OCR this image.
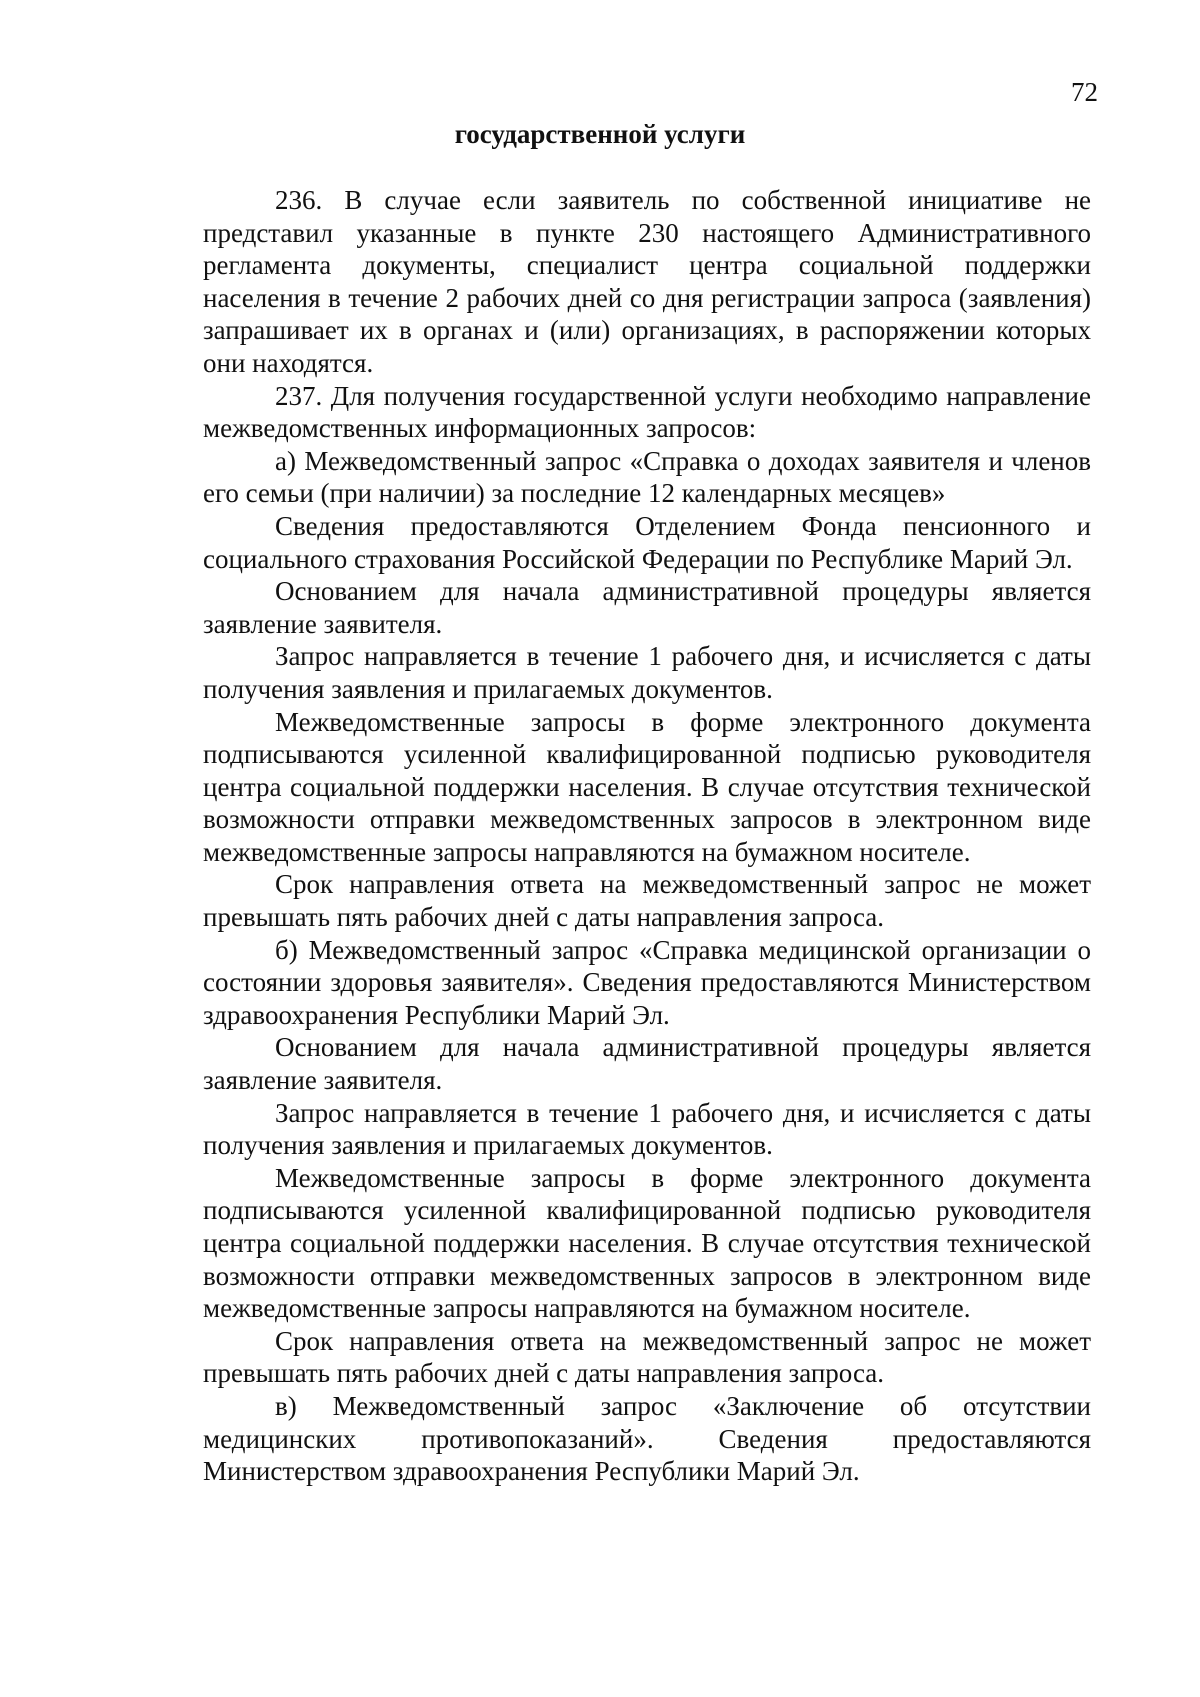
72
государственной услуги

236. В случае если заявитель по собственной инициативе не представил указанные в пункте 230 настоящего Административного регламента документы, специалист центра социальной поддержки населения в течение 2 рабочих дней со дня регистрации запроса (заявления) запрашивает их в органах и (или) организациях, в распоряжении которых они находятся.

237. Для получения государственной услуги необходимо направление межведомственных информационных запросов:

а) Межведомственный запрос «Справка о доходах заявителя и членов его семьи (при наличии) за последние 12 календарных месяцев»

Сведения предоставляются Отделением Фонда пенсионного и социального страхования Российской Федерации по Республике Марий Эл.

Основанием для начала административной процедуры является заявление заявителя.

Запрос направляется в течение 1 рабочего дня, и исчисляется с даты получения заявления и прилагаемых документов.

Межведомственные запросы в форме электронного документа подписываются усиленной квалифицированной подписью руководителя центра социальной поддержки населения. В случае отсутствия технической возможности отправки межведомственных запросов в электронном виде межведомственные запросы направляются на бумажном носителе.

Срок направления ответа на межведомственный запрос не может превышать пять рабочих дней с даты направления запроса.

б) Межведомственный запрос «Справка медицинской организации о состоянии здоровья заявителя». Сведения предоставляются Министерством здравоохранения Республики Марий Эл.

Основанием для начала административной процедуры является заявление заявителя.

Запрос направляется в течение 1 рабочего дня, и исчисляется с даты получения заявления и прилагаемых документов.

Межведомственные запросы в форме электронного документа подписываются усиленной квалифицированной подписью руководителя центра социальной поддержки населения. В случае отсутствия технической возможности отправки межведомственных запросов в электронном виде межведомственные запросы направляются на бумажном носителе.

Срок направления ответа на межведомственный запрос не может превышать пять рабочих дней с даты направления запроса.

в) Межведомственный запрос «Заключение об отсутствии медицинских противопоказаний». Сведения предоставляются Министерством здравоохранения Республики Марий Эл.
